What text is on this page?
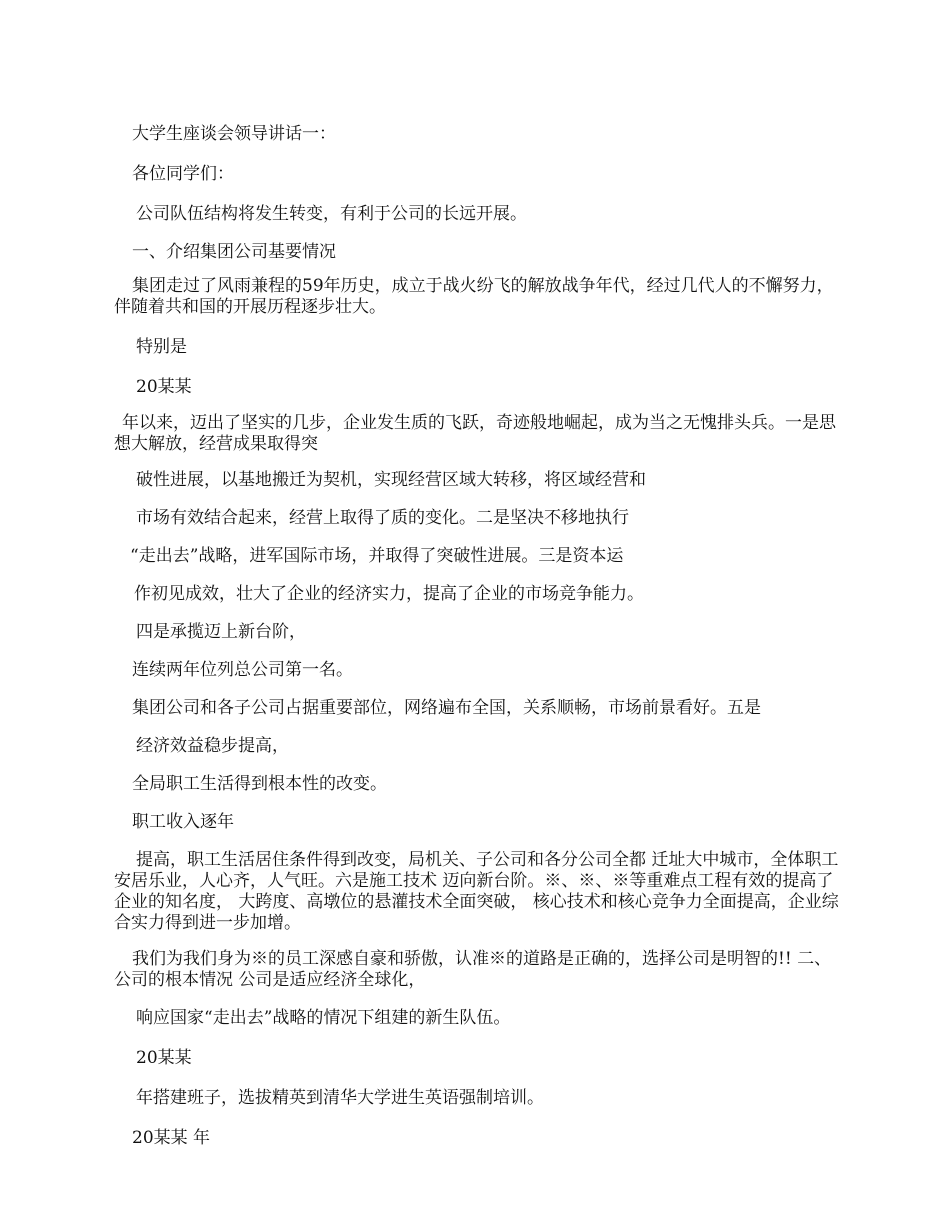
大学生座谈会领导讲话一：

各位同学们：

公司队伍结构将发生转变，有利于公司的长远开展。

一、介绍集团公司基要情况

集团走过了风雨兼程的59年历史，成立于战火纷飞的解放战争年代，经过几代人的不懈努力，伴随着共和国的开展历程逐步壮大。

特别是

20某某

年以来，迈出了坚实的几步，企业发生质的飞跃，奇迹般地崛起，成为当之无愧排头兵。一是思想大解放，经营成果取得突

破性进展，以基地搬迁为契机，实现经营区域大转移，将区域经营和

市场有效结合起来，经营上取得了质的变化。二是坚决不移地执行

“走出去”战略，进军国际市场，并取得了突破性进展。三是资本运

作初见成效，壮大了企业的经济实力，提高了企业的市场竞争能力。

四是承揽迈上新台阶，

连续两年位列总公司第一名。

集团公司和各子公司占据重要部位，网络遍布全国，关系顺畅，市场前景看好。五是

经济效益稳步提高，

全局职工生活得到根本性的改变。

职工收入逐年

提高，职工生活居住条件得到改变，局机关、子公司和各分公司全都 迁址大中城市，全体职工安居乐业，人心齐，人气旺。六是施工技术 迈向新台阶。※、※、※等重难点工程有效的提高了企业的知名度， 大跨度、高墩位的悬灌技术全面突破， 核心技术和核心竞争力全面提高，企业综合实力得到进一步加增。

我们为我们身为※的员工深感自豪和骄傲，认准※的道路是正确的，选择公司是明智的!! 二、公司的根本情况 公司是适应经济全球化，

响应国家“走出去”战略的情况下组建的新生队伍。

20某某

年搭建班子，选拔精英到清华大学进生英语强制培训。

20某某 年
